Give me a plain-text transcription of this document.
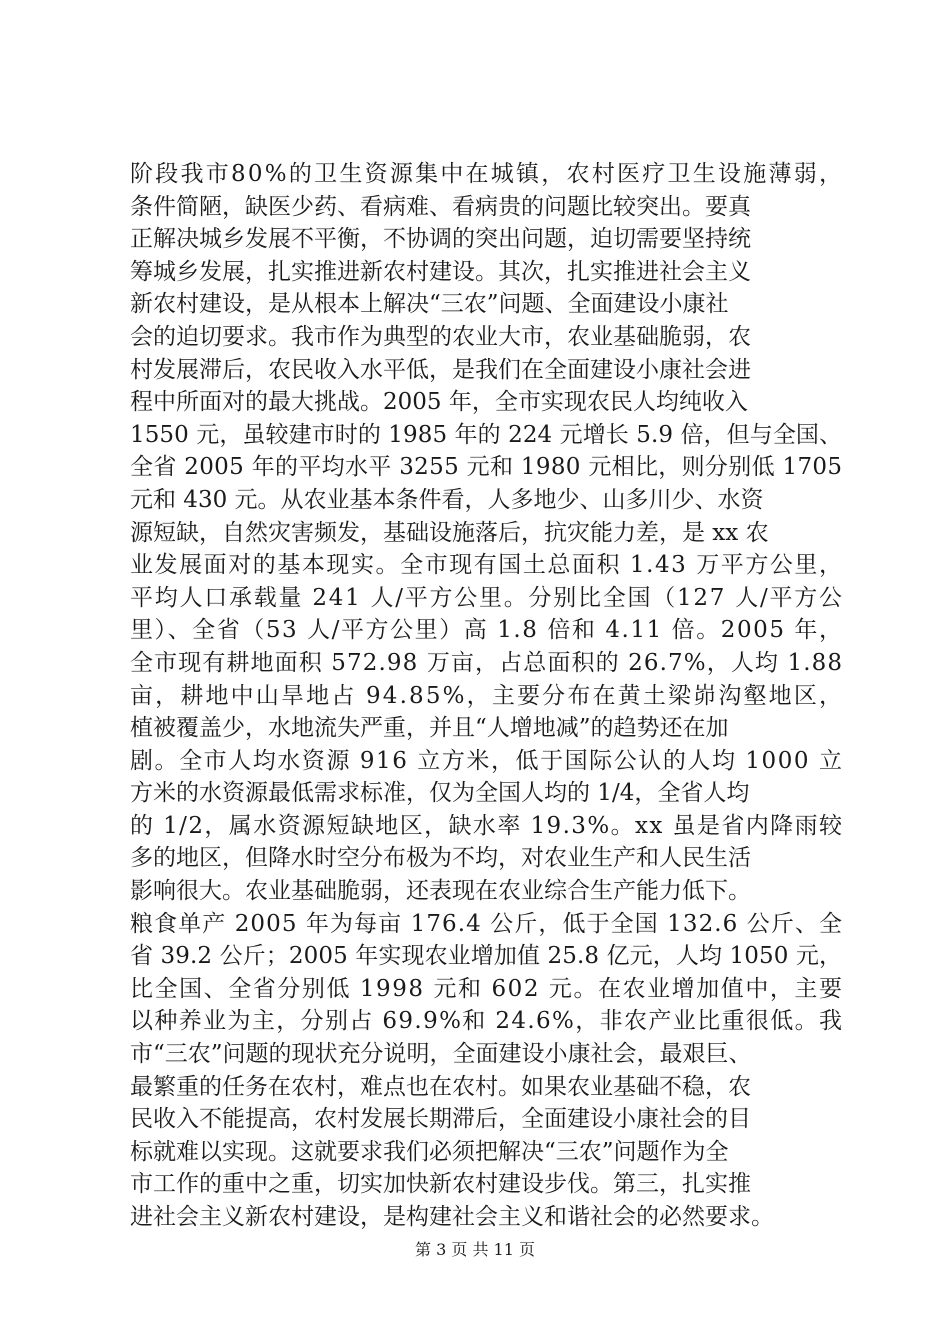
阶段我市80%的卫生资源集中在城镇，农村医疗卫生设施薄弱，
条件简陋，缺医少药、看病难、看病贵的问题比较突出。要真
正解决城乡发展不平衡，不协调的突出问题，迫切需要坚持统
筹城乡发展，扎实推进新农村建设。其次，扎实推进社会主义
新农村建设，是从根本上解决“三农”问题、全面建设小康社
会的迫切要求。我市作为典型的农业大市，农业基础脆弱，农
村发展滞后，农民收入水平低，是我们在全面建设小康社会进
程中所面对的最大挑战。2005 年，全市实现农民人均纯收入
1550 元，虽较建市时的 1985 年的 224 元增长 5.9 倍，但与全国、
全省 2005 年的平均水平 3255 元和 1980 元相比，则分别低 1705
元和 430 元。从农业基本条件看，人多地少、山多川少、水资
源短缺，自然灾害频发，基础设施落后，抗灾能力差，是 xx 农
业发展面对的基本现实。全市现有国土总面积 1.43 万平方公里，
平均人口承载量 241 人/平方公里。分别比全国（127 人/平方公
里）、全省（53 人/平方公里）高 1.8 倍和 4.11 倍。2005 年，
全市现有耕地面积 572.98 万亩，占总面积的 26.7%，人均 1.88
亩，耕地中山旱地占 94.85%，主要分布在黄土梁峁沟壑地区，
植被覆盖少，水地流失严重，并且“人增地减”的趋势还在加
剧。全市人均水资源 916 立方米，低于国际公认的人均 1000 立
方米的水资源最低需求标准，仅为全国人均的 1/4，全省人均
的 1/2，属水资源短缺地区，缺水率 19.3%。xx 虽是省内降雨较
多的地区，但降水时空分布极为不均，对农业生产和人民生活
影响很大。农业基础脆弱，还表现在农业综合生产能力低下。
粮食单产 2005 年为每亩 176.4 公斤，低于全国 132.6 公斤、全
省 39.2 公斤；2005 年实现农业增加值 25.8 亿元，人均 1050 元，
比全国、全省分别低 1998 元和 602 元。在农业增加值中，主要
以种养业为主，分别占 69.9%和 24.6%，非农产业比重很低。我
市“三农”问题的现状充分说明，全面建设小康社会，最艰巨、
最繁重的任务在农村，难点也在农村。如果农业基础不稳，农
民收入不能提高，农村发展长期滞后，全面建设小康社会的目
标就难以实现。这就要求我们必须把解决“三农”问题作为全
市工作的重中之重，切实加快新农村建设步伐。第三，扎实推
进社会主义新农村建设，是构建社会主义和谐社会的必然要求。
第 3 页 共 11 页
